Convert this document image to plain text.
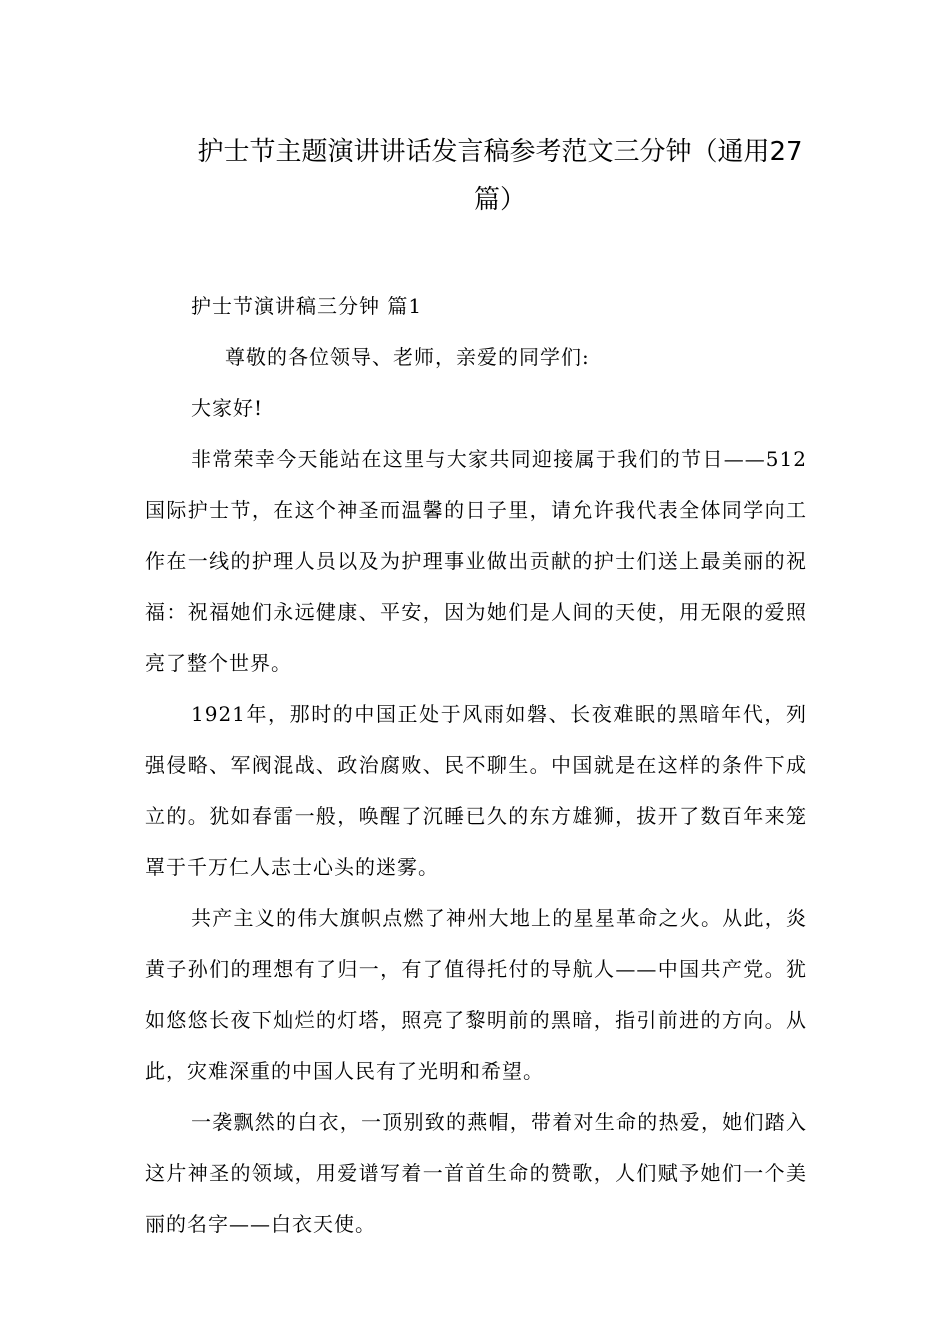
护士节主题演讲讲话发言稿参考范文三分钟（通用27
篇）

护士节演讲稿三分钟 篇1

尊敬的各位领导、老师，亲爱的同学们:

大家好!

非常荣幸今天能站在这里与大家共同迎接属于我们的节日——512国际护士节，在这个神圣而温馨的日子里，请允许我代表全体同学向工作在一线的护理人员以及为护理事业做出贡献的护士们送上最美丽的祝福：祝福她们永远健康、平安，因为她们是人间的天使，用无限的爱照亮了整个世界。

1921年，那时的中国正处于风雨如磐、长夜难眠的黑暗年代，列强侵略、军阀混战、政治腐败、民不聊生。中国就是在这样的条件下成立的。犹如春雷一般，唤醒了沉睡已久的东方雄狮，拔开了数百年来笼罩于千万仁人志士心头的迷雾。

共产主义的伟大旗帜点燃了神州大地上的星星革命之火。从此，炎黄子孙们的理想有了归一，有了值得托付的导航人——中国共产党。犹如悠悠长夜下灿烂的灯塔，照亮了黎明前的黑暗，指引前进的方向。从此，灾难深重的中国人民有了光明和希望。

一袭飘然的白衣，一顶别致的燕帽，带着对生命的热爱，她们踏入这片神圣的领域，用爱谱写着一首首生命的赞歌，人们赋予她们一个美丽的名字——白衣天使。
